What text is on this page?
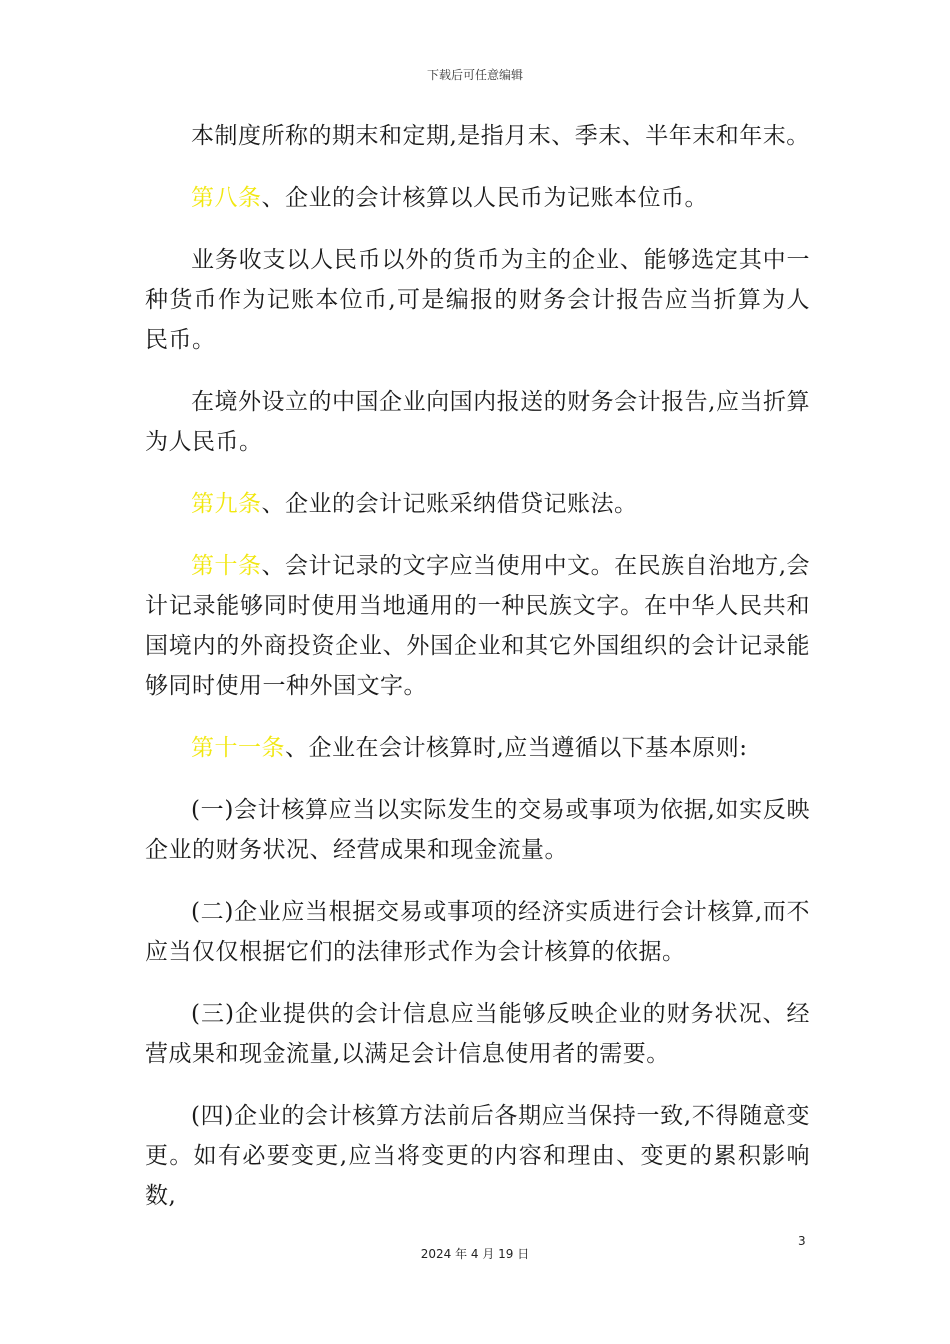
下载后可任意编辑

本制度所称的期末和定期,是指月末、季末、半年末和年末。

第八条、企业的会计核算以人民币为记账本位币。

业务收支以人民币以外的货币为主的企业、能够选定其中一种货币作为记账本位币,可是编报的财务会计报告应当折算为人民币。

在境外设立的中国企业向国内报送的财务会计报告,应当折算为人民币。

第九条、企业的会计记账采纳借贷记账法。

第十条、会计记录的文字应当使用中文。在民族自治地方,会计记录能够同时使用当地通用的一种民族文字。在中华人民共和国境内的外商投资企业、外国企业和其它外国组织的会计记录能够同时使用一种外国文字。

第十一条、企业在会计核算时,应当遵循以下基本原则:

(一)会计核算应当以实际发生的交易或事项为依据,如实反映企业的财务状况、经营成果和现金流量。

(二)企业应当根据交易或事项的经济实质进行会计核算,而不应当仅仅根据它们的法律形式作为会计核算的依据。

(三)企业提供的会计信息应当能够反映企业的财务状况、经营成果和现金流量,以满足会计信息使用者的需要。

(四)企业的会计核算方法前后各期应当保持一致,不得随意变更。如有必要变更,应当将变更的内容和理由、变更的累积影响数,

3
2024 年 4 月 19 日
